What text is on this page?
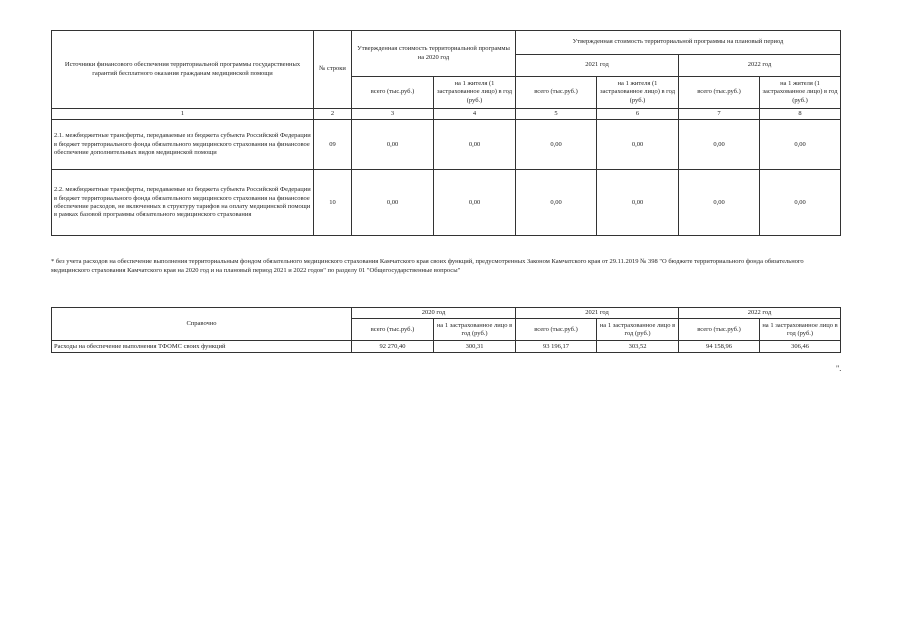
Источники финансового обеспечения территориальной программы государственных гарантий бесплатного оказания гражданам медицинской помощи	№ строки	Утвержденная стоимость территориальной программы на 2020 год		Утвержденная стоимость территориальной программы на плановый период			
				2021 год		2022 год	
		всего (тыс.руб.)	на 1 жителя (1 застрахованное лицо) в год (руб.)	всего (тыс.руб.)	на 1 жителя (1 застрахованное лицо) в год (руб.)	всего (тыс.руб.)	на 1 жителя (1 застрахованное лицо) в год (руб.)
1	2	3	4	5	6	7	8
2.1. межбюджетные трансферты, передаваемые из бюджета субъекта Российской Федерации в бюджет территориального фонда обязательного медицинского страхования на финансовое обеспечение дополнительных видов медицинской помощи	09	0,00	0,00	0,00	0,00	0,00	0,00
2.2. межбюджетные трансферты, передаваемые из бюджета субъекта Российской Федерации в бюджет территориального фонда обязательного медицинского страхования на финансовое обеспечение расходов, не включенных в структуру тарифов на оплату медицинской помощи в рамках базовой программы обязательного медицинского страхования	10	0,00	0,00	0,00	0,00	0,00	0,00
* без учета расходов на обеспечение выполнения территориальным фондом обязательного медицинского страхования Камчатского края своих функций, предусмотренных Законом Камчатского края от 29.11.2019 № 398 "О бюджете территориального фонда обязательного медицинского страхования Камчатского края на 2020 год и на плановый период 2021 и 2022 годов" по разделу 01 "Общегосударственные вопросы"
Справочно	2020 год		2021 год		2022 год	
	всего (тыс.руб.)	на 1 застрахованное лицо в год (руб.)	всего (тыс.руб.)	на 1 застрахованное лицо в год (руб.)	всего (тыс.руб.)	на 1 застрахованное лицо в год (руб.)
Расходы на обеспечение выполнения ТФОМС своих функций	92 270,40	300,31	93 196,17	303,52	94 158,96	306,46
".
